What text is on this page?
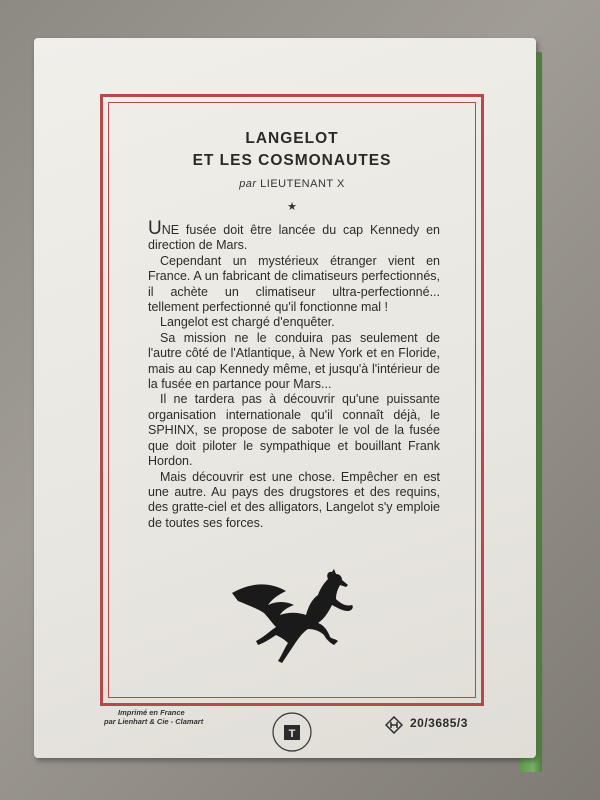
LANGELOT
ET LES COSMONAUTES
par LIEUTENANT X
★

UNE fusée doit être lancée du cap Kennedy en direction de Mars.

Cependant un mystérieux étranger vient en France. A un fabricant de climatiseurs perfectionnés, il achète un climatiseur ultra-perfectionné... tellement perfectionné qu'il fonctionne mal !

Langelot est chargé d'enquêter.

Sa mission ne le conduira pas seulement de l'autre côté de l'Atlantique, à New York et en Floride, mais au cap Kennedy même, et jusqu'à l'intérieur de la fusée en partance pour Mars...

Il ne tardera pas à découvrir qu'une puissante organisation internationale qu'il connaît déjà, le SPHINX, se propose de saboter le vol de la fusée que doit piloter le sympathique et bouillant Frank Hordon.

Mais découvrir est une chose. Empêcher en est une autre. Au pays des drugstores et des requins, des gratte-ciel et des alligators, Langelot s'y emploie de toutes ses forces.

Imprimé en France
par Lienhart & Cie - Clamart
T
20/3685/3
